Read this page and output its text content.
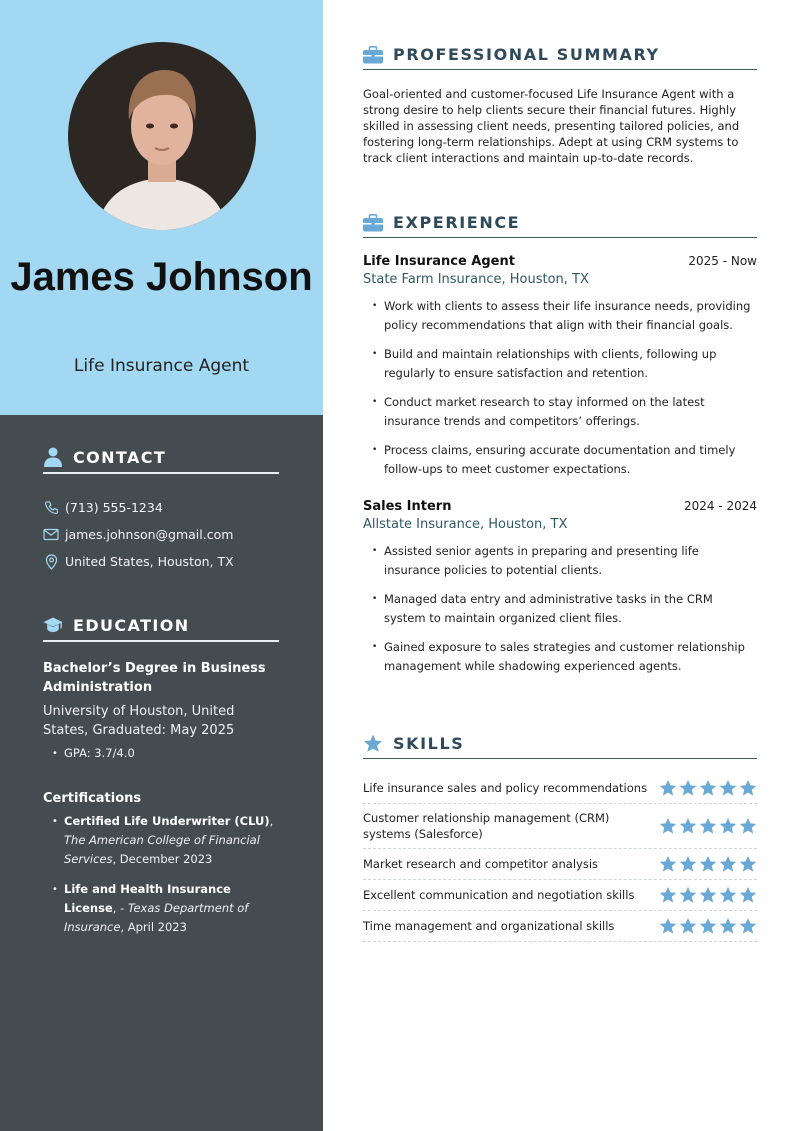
James Johnson
Life Insurance Agent
CONTACT
(713) 555-1234
james.johnson@gmail.com
United States, Houston, TX
EDUCATION
Bachelor’s Degree in Business Administration
University of Houston, United States, Graduated: May 2025
• GPA: 3.7/4.0
Certifications
• Certified Life Underwriter (CLU), The American College of Financial Services, December 2023
• Life and Health Insurance License, - Texas Department of Insurance, April 2023
PROFESSIONAL SUMMARY
Goal-oriented and customer-focused Life Insurance Agent with a strong desire to help clients secure their financial futures. Highly skilled in assessing client needs, presenting tailored policies, and fostering long-term relationships. Adept at using CRM systems to track client interactions and maintain up-to-date records.
EXPERIENCE
Life Insurance Agent	2025 - Now
State Farm Insurance, Houston, TX
• Work with clients to assess their life insurance needs, providing policy recommendations that align with their financial goals.
• Build and maintain relationships with clients, following up regularly to ensure satisfaction and retention.
• Conduct market research to stay informed on the latest insurance trends and competitors’ offerings.
• Process claims, ensuring accurate documentation and timely follow-ups to meet customer expectations.
Sales Intern	2024 - 2024
Allstate Insurance, Houston, TX
• Assisted senior agents in preparing and presenting life insurance policies to potential clients.
• Managed data entry and administrative tasks in the CRM system to maintain organized client files.
• Gained exposure to sales strategies and customer relationship management while shadowing experienced agents.
SKILLS
Life insurance sales and policy recommendations
Customer relationship management (CRM) systems (Salesforce)
Market research and competitor analysis
Excellent communication and negotiation skills
Time management and organizational skills
